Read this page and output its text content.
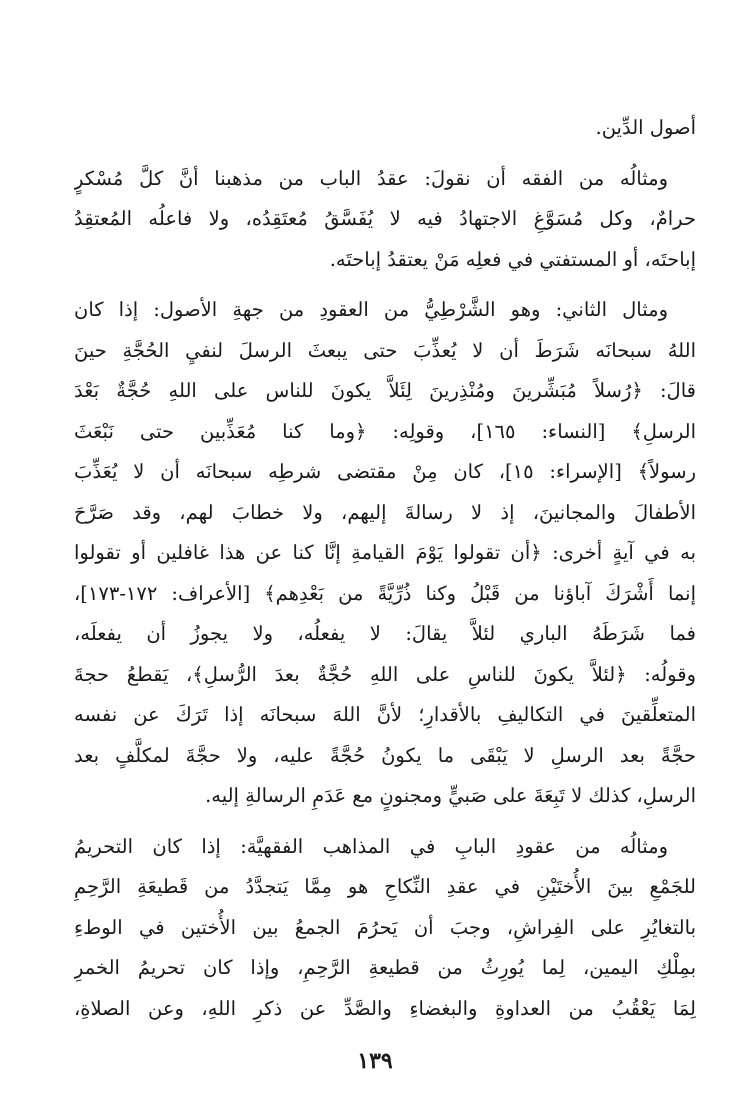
أصول الدِّين.
ومثالُه من الفقه أن نقولَ: عقدُ الباب من مذهبنا أنَّ كلَّ مُسْكرٍ
حرامٌ، وكل مُسَوَّغِ الاجتهادُ فيه لا يُفَسَّقُ مُعتَقِدُه، ولا فاعلُه المُعتقِدُ
إباحتَه، أو المستفتي في فعلِه مَنْ يعتقدُ إباحتَه.
ومثال الثاني: وهو الشَّرْطِيُّ من العقودِ من جهةِ الأصول: إذا كان
اللهُ سبحانَه شَرَطَ أن لا يُعذِّبَ حتى يبعثَ الرسلَ لنفيِ الحُجَّةِ حينَ
قالَ: ﴿رُسلاً مُبَشِّرينَ ومُنْذِرينَ لِئَلاَّ يكونَ للناس على اللهِ حُجَّةٌ بَعْدَ
الرسلِ﴾ [النساء: ١٦٥]، وقولِه: ﴿وما كنا مُعَذِّبين حتى نَبْعَثَ
رسولاً﴾ [الإسراء: ١٥]، كان مِنْ مقتضى شرطِه سبحانَه أن لا يُعَذِّبَ
الأطفالَ والمجانينَ، إذ لا رسالةَ إليهم، ولا خطابَ لهم، وقد صَرَّحَ
به في آيةٍ أخرى: ﴿أن تقولوا يَوْمَ القيامةِ إنَّا كنا عن هذا غافلين أو تقولوا
إنما أَشْرَكَ آباؤنا من قَبْلُ وكنا ذُرِّيَّةً من بَعْدِهم﴾ [الأعراف: ١٧٢-١٧٣]،
فما شَرَطَهُ الباري لئلاَّ يقالَ: لا يفعلُه، ولا يجوزُ أن يفعلَه،
وقولُه: ﴿لئلاَّ يكونَ للناسِ على اللهِ حُجَّةٌ بعدَ الرُّسلِ﴾، يَقطعُ حجةَ
المتعلِّقينَ في التكاليفِ بالأقدارِ؛ لأنَّ اللهَ سبحانَه إذا تَرَكَ عن نفسه
حجَّةً بعد الرسلِ لا يَبْقَى ما يكونُ حُجَّةً عليه، ولا حجَّةَ لمكلَّفٍ بعد
الرسلِ، كذلك لا تَبِعَةَ على صَبيٍّ ومجنونٍ مع عَدَمِ الرسالةِ إليه.
ومثالُه من عقودِ البابِ في المذاهب الفقهيَّة: إذا كان التحريمُ
للجَمْعِ بينَ الأُختَيْنِ في عقدِ النِّكاحِ هو مِمَّا يَتجدَّدُ من قَطيعَةِ الرَّحِمِ
بالتغايُرِ على الفِراشِ، وجبَ أن يَحرُمَ الجمعُ بين الأُختين في الوطءِ
بمِلْكِ اليمين، لِما يُورِثُ من قطيعةِ الرَّحِمِ، وإذا كان تحريمُ الخمرِ
لِمَا يَعْقُبُ من العداوةِ والبغضاءِ والصَّدِّ عن ذكرِ اللهِ، وعن الصلاةِ،
١٣٩
